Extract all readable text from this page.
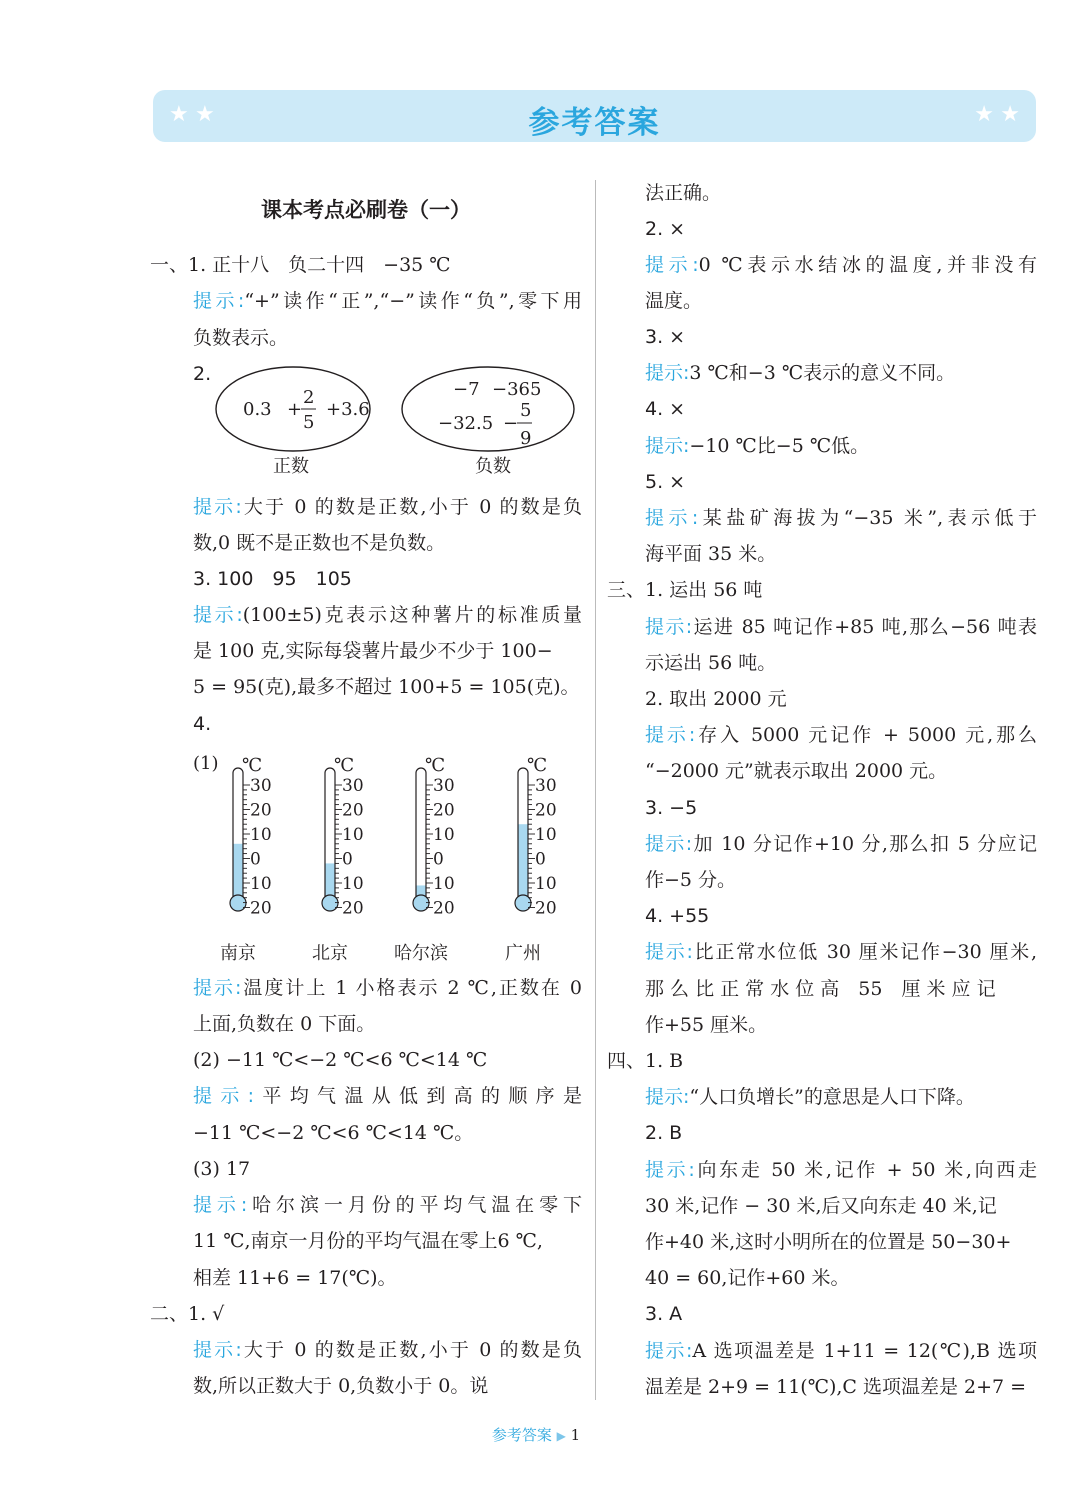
★ ★	参考答案	★ ★
课本考点必刷卷（一）
一、1. 正十八　负二十四　−35 ℃
提示:“+”读作“正”,“−”读作“负”,零下用
负数表示。
2.
0.3 +
2
5
+3.6
−7 −365
−32.5 −
5
9
正数	负数
提示:大于 0 的数是正数,小于 0 的数是负
数,0 既不是正数也不是负数。
3. 100　95　105
提示:(100±5)克表示这种薯片的标准质量
是 100 克,实际每袋薯片最少不少于 100−
5 = 95(克),最多不超过 100+5 = 105(克)。
4.
(1) ℃
30
20
10
0
10
20
南京
℃
30
20
10
0
10
20
北京
℃
30
20
10
0
10
20
哈尔滨
℃
30
20
10
0
10
20
广州
提示:温度计上 1 小格表示 2 ℃,正数在 0
上面,负数在 0 下面。
(2) −11 ℃<−2 ℃<6 ℃<14 ℃
提示:平均气温从低到高的顺序是
−11 ℃<−2 ℃<6 ℃<14 ℃。
(3) 17
提示:哈尔滨一月份的平均气温在零下
11 ℃,南京一月份的平均气温在零上6 ℃,
相差 11+6 = 17(℃)。
二、1. √
提示:大于 0 的数是正数,小于 0 的数是负
数,所以正数大于 0,负数小于 0。说
法正确。
2. ×
提示:0 ℃表示水结冰的温度,并非没有
温度。
3. ×
提示:3 ℃和−3 ℃表示的意义不同。
4. ×
提示:−10 ℃比−5 ℃低。
5. ×
提示:某盐矿海拔为“−35 米”,表示低于
海平面 35 米。
三、1. 运出 56 吨
提示:运进 85 吨记作+85 吨,那么−56 吨表
示运出 56 吨。
2. 取出 2000 元
提示:存入 5000 元记作 + 5000 元,那么
“−2000 元”就表示取出 2000 元。
3. −5
提示:加 10 分记作+10 分,那么扣 5 分应记
作−5 分。
4. +55
提示:比正常水位低 30 厘米记作−30 厘米,
那 么 比 正 常 水 位 高　55　厘 米 应 记
作+55 厘米。
四、1. B
提示:“人口负增长”的意思是人口下降。
2. B
提示:向东走 50 米,记作 + 50 米,向西走
30 米,记作 − 30 米,后又向东走 40 米,记
作+40 米,这时小明所在的位置是 50−30+
40 = 60,记作+60 米。
3. A
提示:A 选项温差是 1+11 = 12(℃),B 选项
温差是 2+9 = 11(℃),C 选项温差是 2+7 =
参考答案 ▶ 1
